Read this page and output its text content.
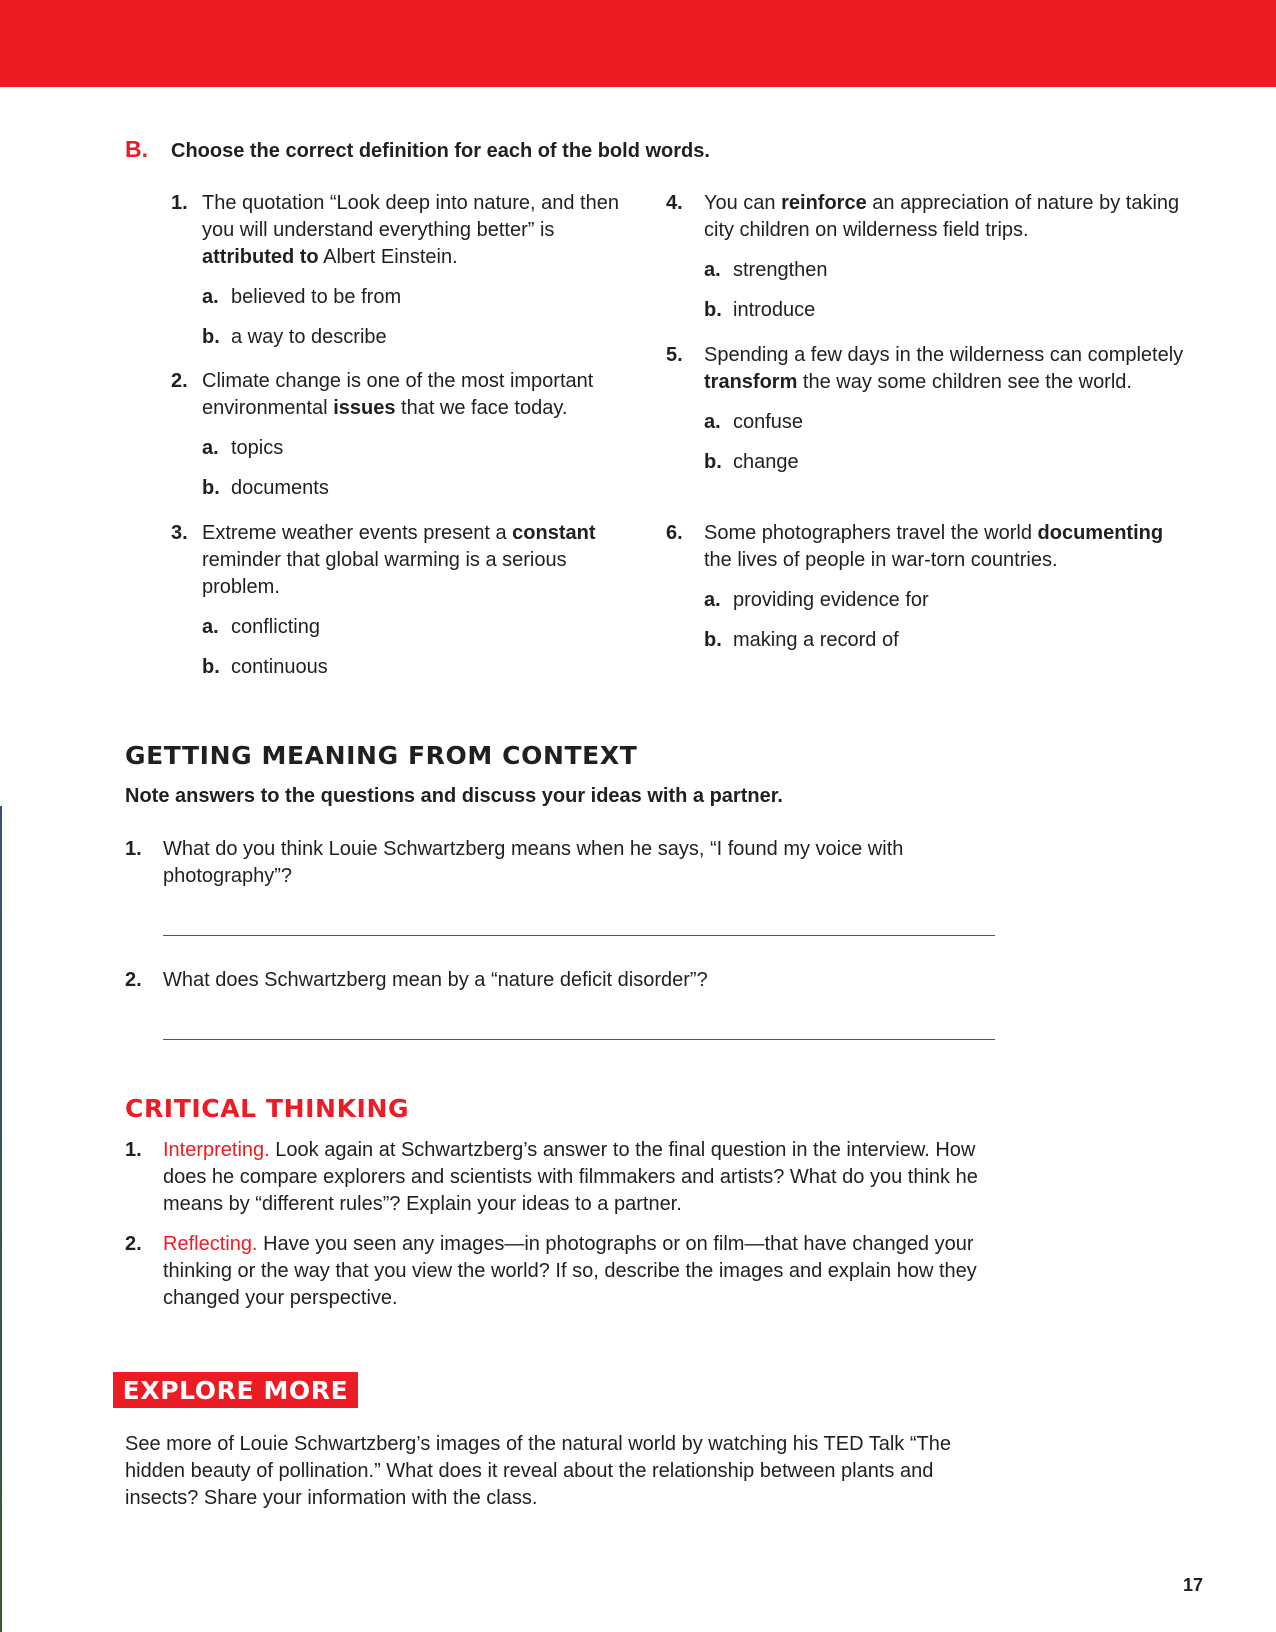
B.	Choose the correct definition for each of the bold words.
1. The quotation “Look deep into nature, and then you will understand everything better” is attributed to Albert Einstein.
a. believed to be from
b. a way to describe
2. Climate change is one of the most important environmental issues that we face today.
a. topics
b. documents
3. Extreme weather events present a constant reminder that global warming is a serious problem.
a. conflicting
b. continuous
4. You can reinforce an appreciation of nature by taking city children on wilderness field trips.
a. strengthen
b. introduce
5. Spending a few days in the wilderness can completely transform the way some children see the world.
a. confuse
b. change
6. Some photographers travel the world documenting the lives of people in war-torn countries.
a. providing evidence for
b. making a record of
GETTING MEANING FROM CONTEXT
Note answers to the questions and discuss your ideas with a partner.
1. What do you think Louie Schwartzberg means when he says, “I found my voice with photography”?
2. What does Schwartzberg mean by a “nature deficit disorder”?
CRITICAL THINKING
1. Interpreting. Look again at Schwartzberg’s answer to the final question in the interview. How does he compare explorers and scientists with filmmakers and artists? What do you think he means by “different rules”? Explain your ideas to a partner.
2. Reflecting. Have you seen any images—in photographs or on film—that have changed your thinking or the way that you view the world? If so, describe the images and explain how they changed your perspective.
EXPLORE MORE
See more of Louie Schwartzberg’s images of the natural world by watching his TED Talk “The hidden beauty of pollination.” What does it reveal about the relationship between plants and insects? Share your information with the class.
17
